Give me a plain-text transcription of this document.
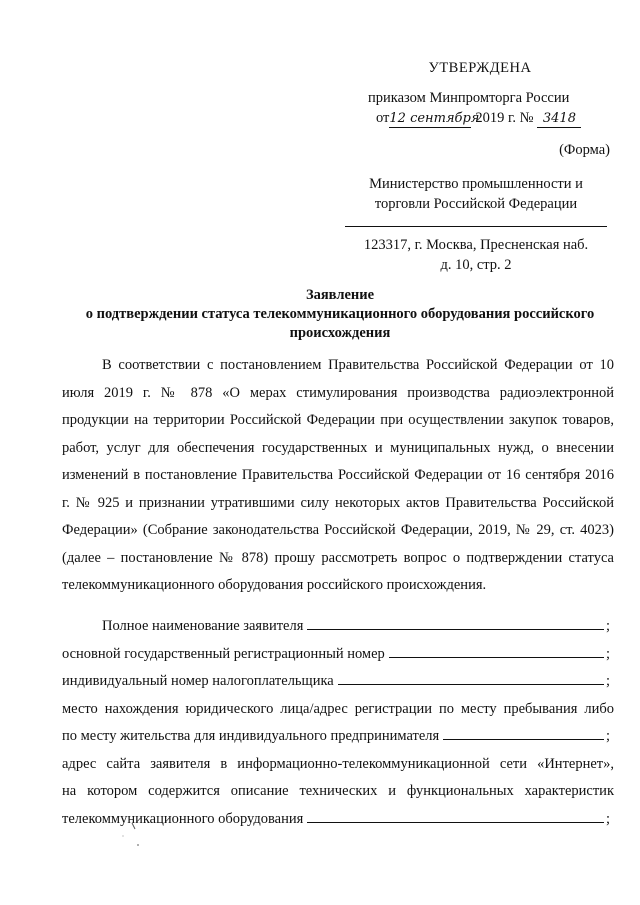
УТВЕРЖДЕНА
приказом Минпромторга России
от 12 сентября
2019 г. № 3418
(Форма)
Министерство промышленности и
торговли Российской Федерации
123317, г. Москва, Пресненская наб.
д. 10, стр. 2
Заявление
о подтверждении статуса телекоммуникационного оборудования российского
происхождения

В соответствии с постановлением Правительства Российской Федерации от 10 июля 2019 г. № 878 «О мерах стимулирования производства радиоэлектронной продукции на территории Российской Федерации при осуществлении закупок товаров, работ, услуг для обеспечения государственных и муниципальных нужд, о внесении изменений в постановление Правительства Российской Федерации от 16 сентября 2016 г. № 925 и признании утратившими силу некоторых актов Правительства Российской Федерации» (Собрание законодательства Российской Федерации, 2019, № 29, ст. 4023) (далее – постановление № 878) прошу рассмотреть вопрос о подтверждении статуса телекоммуникационного оборудования российского происхождения.

Полное наименование заявителя	;
основной государственный регистрационный номер	;
индивидуальный номер налогоплательщика	;
место нахождения юридического лица/адрес регистрации по месту пребывания либо
по месту жительства для индивидуального предпринимателя	;
адрес сайта заявителя в информационно-телекоммуникационной сети «Интернет»,
на котором содержится описание технических и функциональных характеристик
телекоммуникационного оборудования	;
